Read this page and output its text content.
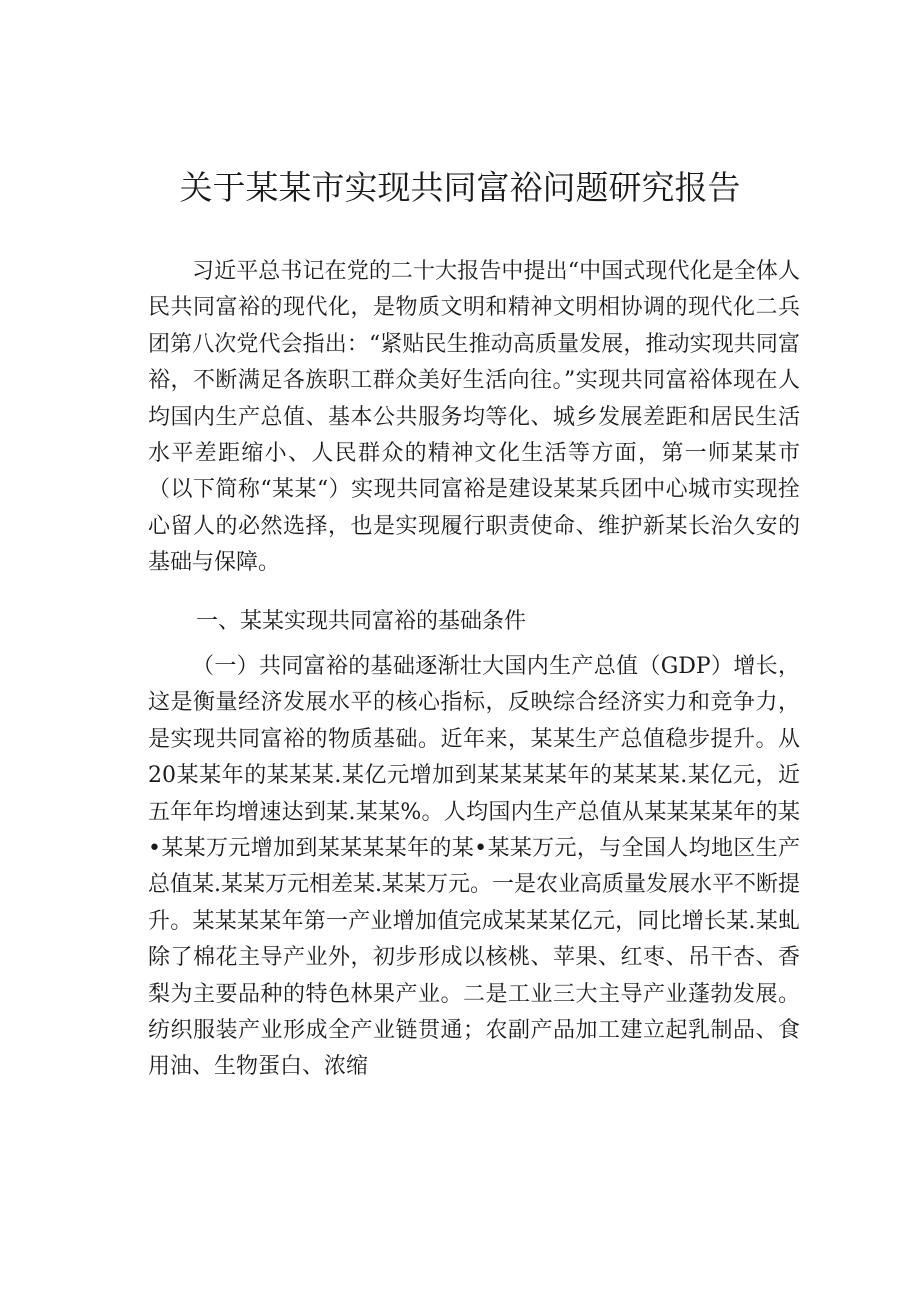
关于某某市实现共同富裕问题研究报告

习近平总书记在党的二十大报告中提出“中国式现代化是全体人民共同富裕的现代化，是物质文明和精神文明相协调的现代化二兵团第八次党代会指出：“紧贴民生推动高质量发展，推动实现共同富裕，不断满足各族职工群众美好生活向往。”实现共同富裕体现在人均国内生产总值、基本公共服务均等化、城乡发展差距和居民生活水平差距缩小、人民群众的精神文化生活等方面，第一师某某市（以下简称“某某“）实现共同富裕是建设某某兵团中心城市实现拴心留人的必然选择，也是实现履行职责使命、维护新某长治久安的基础与保障。

一、某某实现共同富裕的基础条件

（一）共同富裕的基础逐渐壮大国内生产总值（GDP）增长，这是衡量经济发展水平的核心指标，反映综合经济实力和竞争力，是实现共同富裕的物质基础。近年来，某某生产总值稳步提升。从20某某年的某某某.某亿元增加到某某某某年的某某某.某亿元，近五年年均增速达到某.某某%。人均国内生产总值从某某某某年的某•某某万元增加到某某某某年的某•某某万元，与全国人均地区生产总值某.某某万元相差某.某某万元。一是农业高质量发展水平不断提升。某某某某年第一产业增加值完成某某某亿元，同比增长某.某虬除了棉花主导产业外，初步形成以核桃、苹果、红枣、吊干杏、香梨为主要品种的特色林果产业。二是工业三大主导产业蓬勃发展。纺织服装产业形成全产业链贯通；农副产品加工建立起乳制品、食用油、生物蛋白、浓缩
